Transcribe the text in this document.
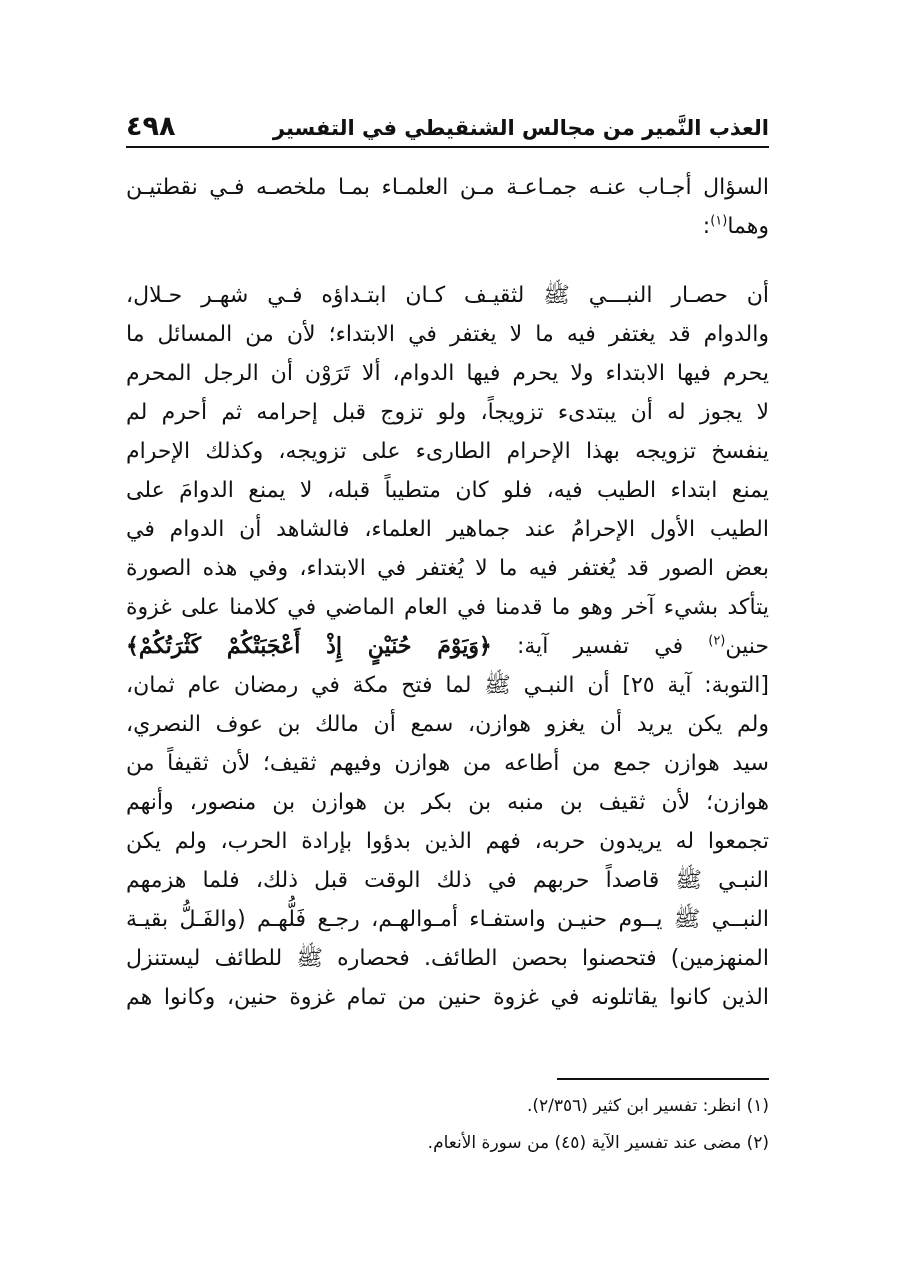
العذب النَّمير من مجالس الشنقيطي في التفسير
٤٩٨
السؤال أجـاب عنـه جمـاعـة مـن العلمـاء بمـا ملخصـه فـي نقطتيـن
وهما$^{(١)}$:
أن حصـار النبـــي ﷺ لثقيـف كـان ابتـداؤه فـي شهـر حـلال،
والدوام قد يغتفر فيه ما لا يغتفر في الابتداء؛ لأن من المسائل ما
يحرم فيها الابتداء ولا يحرم فيها الدوام، ألا تَرَوْن أن الرجل المحرم
لا يجوز له أن يبتدىء تزويجاً، ولو تزوج قبل إحرامه ثم أحرم لم
ينفسخ تزويجه بهذا الإحرام الطارىء على تزويجه، وكذلك الإحرام
يمنع ابتداء الطيب فيه، فلو كان متطيباً قبله، لا يمنع الدوامَ على
الطيب الأول الإحرامُ عند جماهير العلماء، فالشاهد أن الدوام في
بعض الصور قد يُغتفر فيه ما لا يُغتفر في الابتداء، وفي هذه الصورة
يتأكد بشيء آخر وهو ما قدمنا في العام الماضي في كلامنا على غزوة
حنين$^{(٢)}$ في تفسير آية: ﴿وَيَوْمَ حُنَيْنٍ إِذْ أَعْجَبَتْكُمْ كَثْرَتُكُمْ﴾
[التوبة: آية ٢٥] أن النبـي ﷺ لما فتح مكة في رمضان عام ثمان،
ولم يكن يريد أن يغزو هوازن، سمع أن مالك بن عوف النصري،
سيد هوازن جمع من أطاعه من هوازن وفيهم ثقيف؛ لأن ثقيفاً من
هوازن؛ لأن ثقيف بن منبه بن بكر بن هوازن بن منصور، وأنهم
تجمعوا له يريدون حربه، فهم الذين بدؤوا بإرادة الحرب، ولم يكن
النبـي ﷺ قاصداً حربهم في ذلك الوقت قبل ذلك، فلما هزمهم
النبــي ﷺ يــوم حنيـن واستفـاء أمـوالهـم، رجـع فَلُّهـم (والفَـلُّ بقيـة
المنهزمين) فتحصنوا بحصن الطائف. فحصاره ﷺ للطائف ليستنزل
الذين كانوا يقاتلونه في غزوة حنين من تمام غزوة حنين، وكانوا هم
(١) انظر: تفسير ابن كثير (٢/٣٥٦).
(٢) مضى عند تفسير الآية (٤٥) من سورة الأنعام.
